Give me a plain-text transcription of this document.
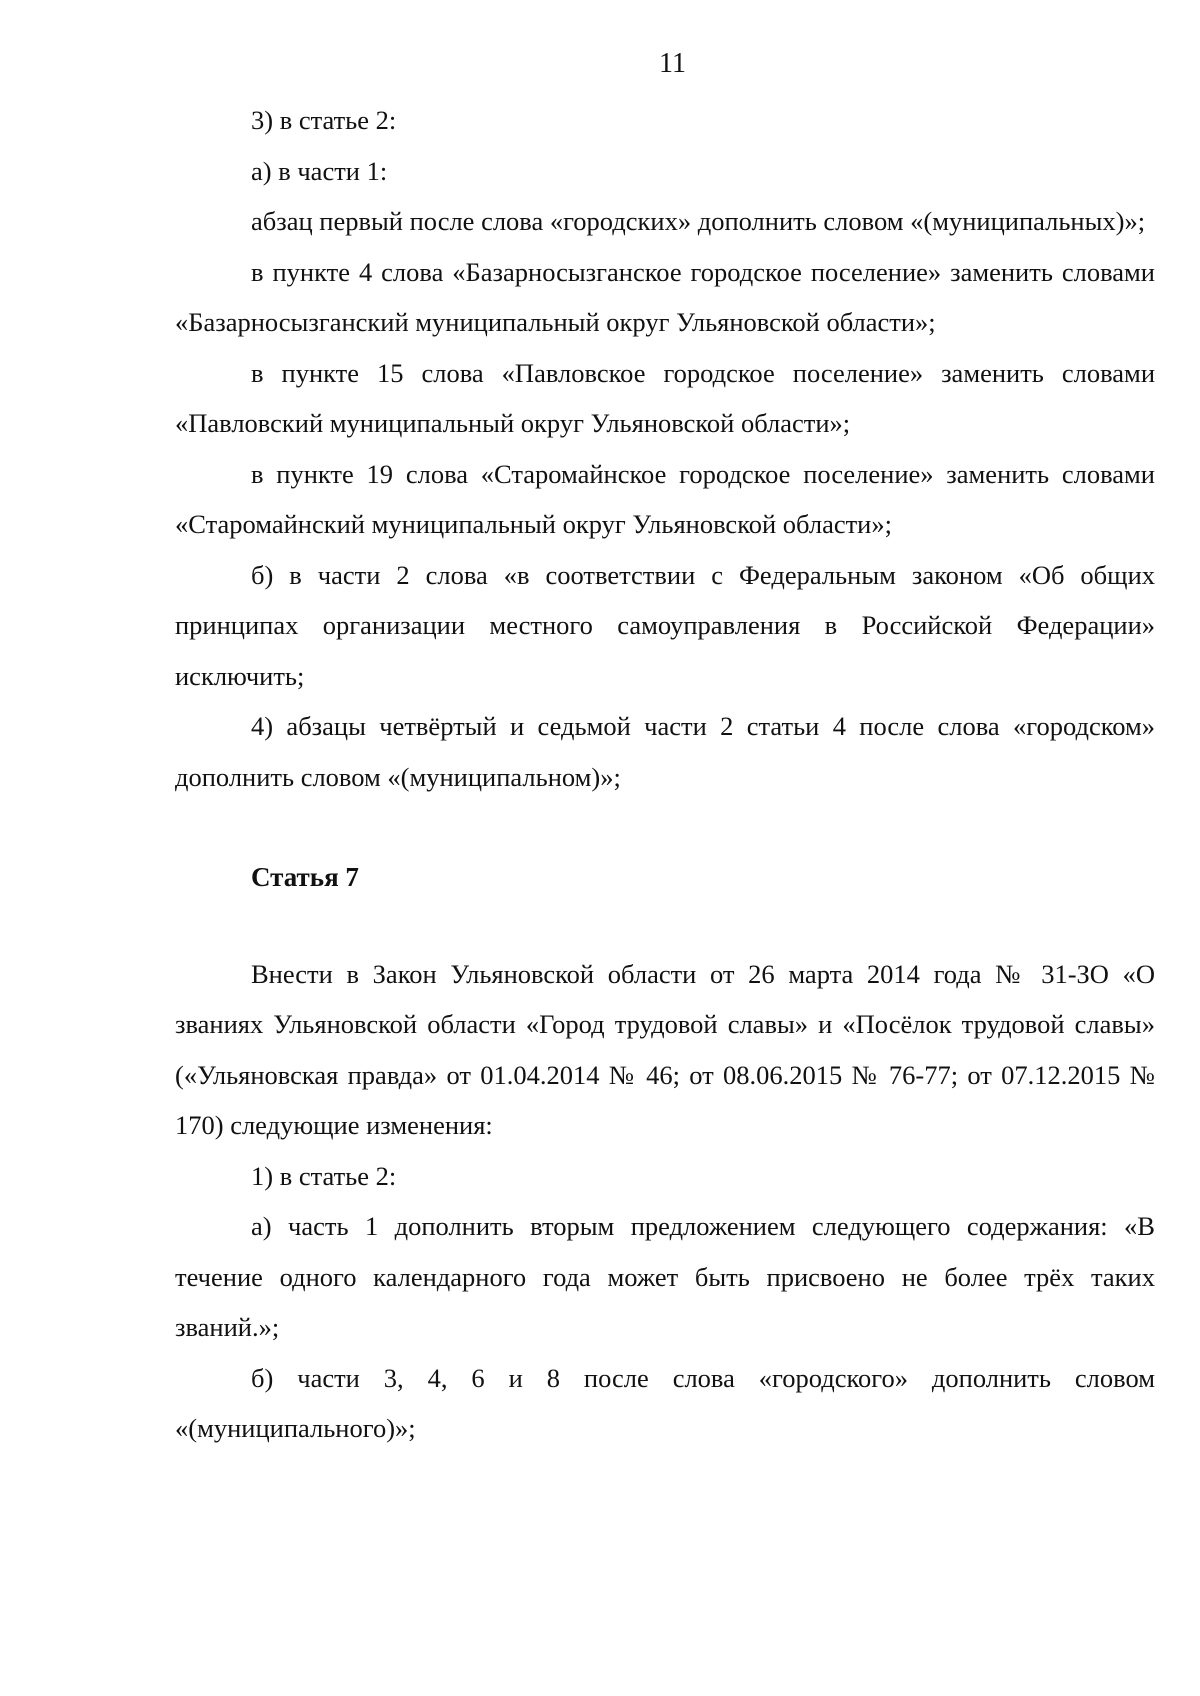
11

3) в статье 2:

а) в части 1:

абзац первый после слова «городских» дополнить словом «(муниципальных)»;

в пункте 4 слова «Базарносызганское городское поселение» заменить словами «Базарносызганский муниципальный округ Ульяновской области»;

в пункте 15 слова «Павловское городское поселение» заменить словами «Павловский муниципальный округ Ульяновской области»;

в пункте 19 слова «Старомайнское городское поселение» заменить словами «Старомайнский муниципальный округ Ульяновской области»;

б) в части 2 слова «в соответствии с Федеральным законом «Об общих принципах организации местного самоуправления в Российской Федерации» исключить;

4) абзацы четвёртый и седьмой части 2 статьи 4 после слова «городском» дополнить словом «(муниципальном)»;

Статья 7

Внести в Закон Ульяновской области от 26 марта 2014 года № 31-ЗО «О званиях Ульяновской области «Город трудовой славы» и «Посёлок трудовой славы» («Ульяновская правда» от 01.04.2014 № 46; от 08.06.2015 № 76-77; от 07.12.2015 № 170) следующие изменения:

1) в статье 2:

а) часть 1 дополнить вторым предложением следующего содержания: «В течение одного календарного года может быть присвоено не более трёх таких званий.»;

б) части 3, 4, 6 и 8 после слова «городского» дополнить словом «(муниципального)»;
